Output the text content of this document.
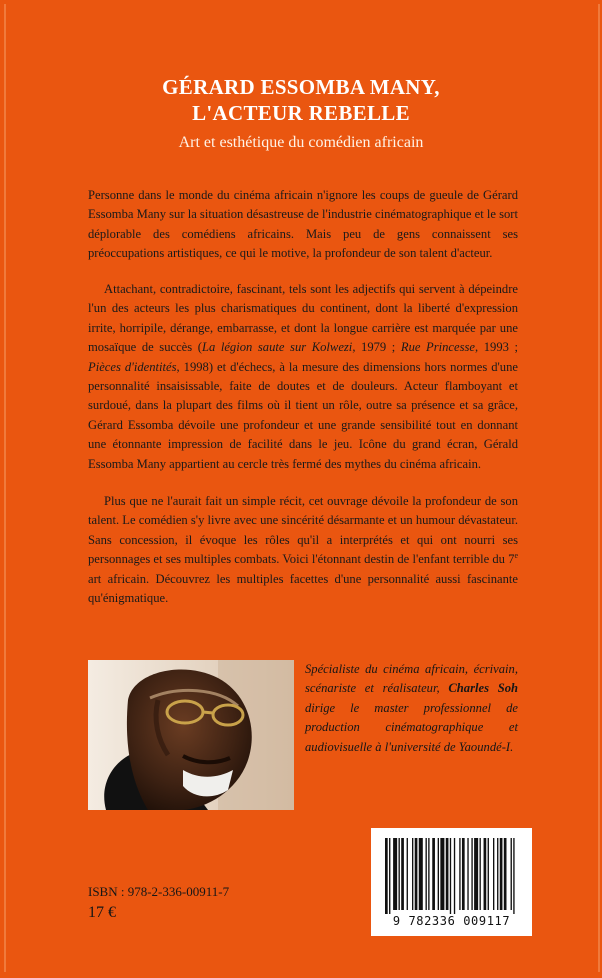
GÉRARD ESSOMBA MANY,
L'ACTEUR REBELLE
Art et esthétique du comédien africain
Personne dans le monde du cinéma africain n'ignore les coups de gueule de Gérard Essomba Many sur la situation désastreuse de l'industrie cinématographique et le sort déplorable des comédiens africains. Mais peu de gens connaissent ses préoccupations artistiques, ce qui le motive, la profondeur de son talent d'acteur.
Attachant, contradictoire, fascinant, tels sont les adjectifs qui servent à dépeindre l'un des acteurs les plus charismatiques du continent, dont la liberté d'expression irrite, horripile, dérange, embarrasse, et dont la longue carrière est marquée par une mosaïque de succès (La légion saute sur Kolwezi, 1979 ; Rue Princesse, 1993 ; Pièces d'identités, 1998) et d'échecs, à la mesure des dimensions hors normes d'une personnalité insaisissable, faite de doutes et de douleurs. Acteur flamboyant et surdoué, dans la plupart des films où il tient un rôle, outre sa présence et sa grâce, Gérard Essomba dévoile une profondeur et une grande sensibilité tout en donnant une étonnante impression de facilité dans le jeu. Icône du grand écran, Gérald Essomba Many appartient au cercle très fermé des mythes du cinéma africain.
Plus que ne l'aurait fait un simple récit, cet ouvrage dévoile la profondeur de son talent. Le comédien s'y livre avec une sincérité désarmante et un humour dévastateur. Sans concession, il évoque les rôles qu'il a interprétés et qui ont nourri ses personnages et ses multiples combats. Voici l'étonnant destin de l'enfant terrible du 7e art africain. Découvrez les multiples facettes d'une personnalité aussi fascinante qu'énigmatique.
Spécialiste du cinéma africain, écrivain, scénariste et réalisateur, Charles Soh dirige le master professionnel de production cinématographique et audiovisuelle à l'université de Yaoundé-I.
ISBN : 978-2-336-00911-7
17 €	9 782336 009117
